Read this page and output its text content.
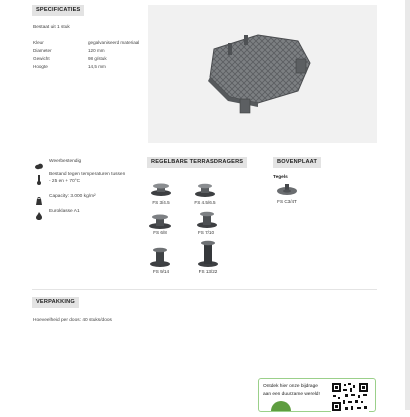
SPECIFICATIES
Bestaat uit 1 stuk
Kleur	gegalvaniseerd materiaal
Diameter	120 mm
Gewicht	98 g/stuk
Hoogte	14,5 mm
Weerbestendig
Bestand tegen temperaturen tussen
- 25 en + 70°C
Capacity: 3.000 kg/m²
Euroklasse A1
REGELBARE TERRASDRAGERS
FS 3/4.5	FS 4.5/6.5
FS 6/8	FS 7/10
FS 9/14	FS 13/22
BOVENPLAAT
Tegels
FS C3/4T
VERPAKKING
Hoeveelheid per doos: 40 stuks/doos
Ontdek hier onze bijdrage
aan een duurzame wereld!
